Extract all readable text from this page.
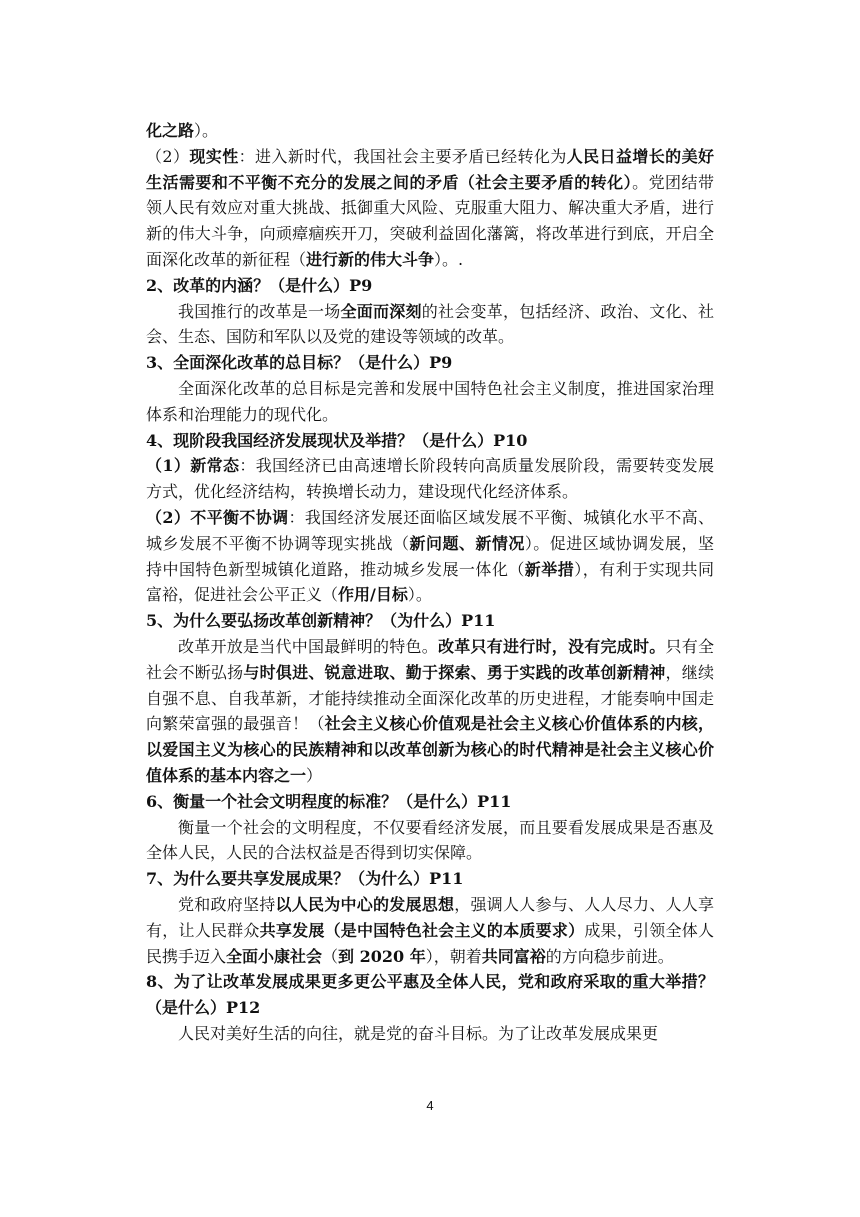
化之路）。

（2）现实性：进入新时代，我国社会主要矛盾已经转化为人民日益增长的美好生活需要和不平衡不充分的发展之间的矛盾（社会主要矛盾的转化）。党团结带领人民有效应对重大挑战、抵御重大风险、克服重大阻力、解决重大矛盾，进行新的伟大斗争，向顽瘴痼疾开刀，突破利益固化藩篱，将改革进行到底，开启全面深化改革的新征程（进行新的伟大斗争）。.

2、改革的内涵？（是什么）P9

我国推行的改革是一场全面而深刻的社会变革，包括经济、政治、文化、社会、生态、国防和军队以及党的建设等领域的改革。

3、全面深化改革的总目标？（是什么）P9

全面深化改革的总目标是完善和发展中国特色社会主义制度，推进国家治理体系和治理能力的现代化。

4、现阶段我国经济发展现状及举措？（是什么）P10

（1）新常态：我国经济已由高速增长阶段转向高质量发展阶段，需要转变发展方式，优化经济结构，转换增长动力，建设现代化经济体系。

（2）不平衡不协调：我国经济发展还面临区域发展不平衡、城镇化水平不高、城乡发展不平衡不协调等现实挑战（新问题、新情况）。促进区域协调发展，坚持中国特色新型城镇化道路，推动城乡发展一体化（新举措），有利于实现共同富裕，促进社会公平正义（作用/目标）。

5、为什么要弘扬改革创新精神？（为什么）P11

改革开放是当代中国最鲜明的特色。改革只有进行时，没有完成时。只有全社会不断弘扬与时俱进、锐意进取、勤于探索、勇于实践的改革创新精神，继续自强不息、自我革新，才能持续推动全面深化改革的历史进程，才能奏响中国走向繁荣富强的最强音！（社会主义核心价值观是社会主义核心价值体系的内核，以爱国主义为核心的民族精神和以改革创新为核心的时代精神是社会主义核心价值体系的基本内容之一）

6、衡量一个社会文明程度的标准？（是什么）P11

衡量一个社会的文明程度，不仅要看经济发展，而且要看发展成果是否惠及全体人民，人民的合法权益是否得到切实保障。

7、为什么要共享发展成果？（为什么）P11

党和政府坚持以人民为中心的发展思想，强调人人参与、人人尽力、人人享有，让人民群众共享发展（是中国特色社会主义的本质要求）成果，引领全体人民携手迈入全面小康社会（到 2020 年），朝着共同富裕的方向稳步前进。

8、为了让改革发展成果更多更公平惠及全体人民，党和政府采取的重大举措？（是什么）P12

人民对美好生活的向往，就是党的奋斗目标。为了让改革发展成果更

4
